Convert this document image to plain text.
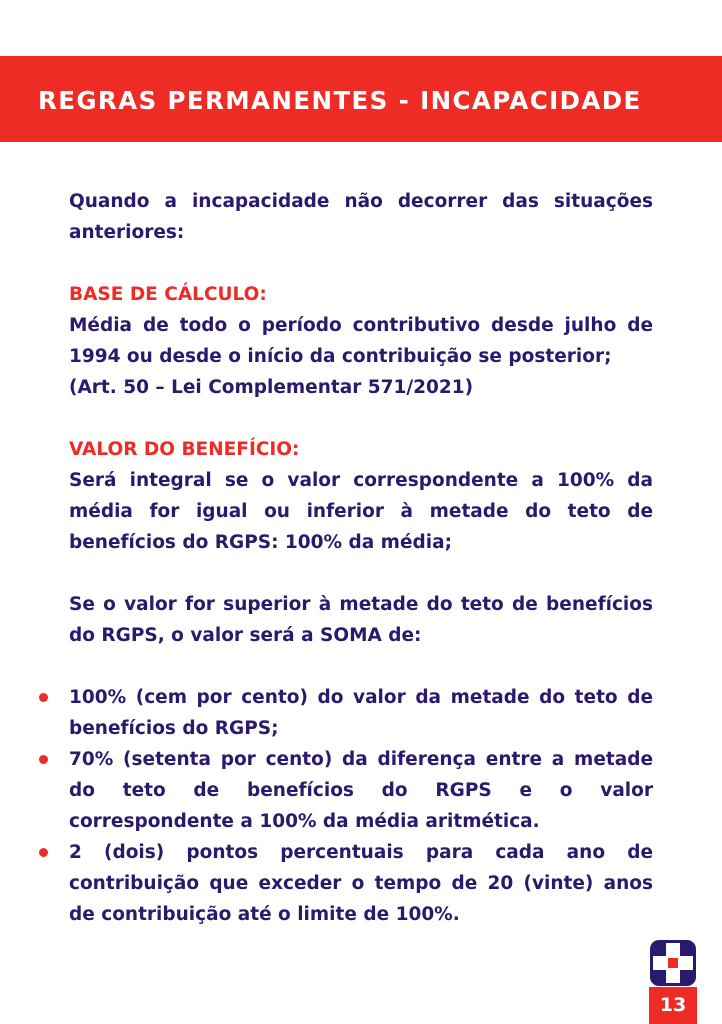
REGRAS PERMANENTES - INCAPACIDADE

Quando a incapacidade não decorrer das situações anteriores:

BASE DE CÁLCULO:

Média de todo o período contributivo desde julho de 1994 ou desde o início da contribuição se posterior;

(Art. 50 – Lei Complementar 571/2021)

VALOR DO BENEFÍCIO:

Será integral se o valor correspondente a 100% da média for igual ou inferior à metade do teto de benefícios do RGPS: 100% da média;

Se o valor for superior à metade do teto de benefícios do RGPS, o valor será a SOMA de:

100% (cem por cento) do valor da metade do teto de benefícios do RGPS;
70% (setenta por cento) da diferença entre a metade do teto de benefícios do RGPS e o valor correspondente a 100% da média aritmética.
2 (dois) pontos percentuais para cada ano de contribuição que exceder o tempo de 20 (vinte) anos de contribuição até o limite de 100%.
13
